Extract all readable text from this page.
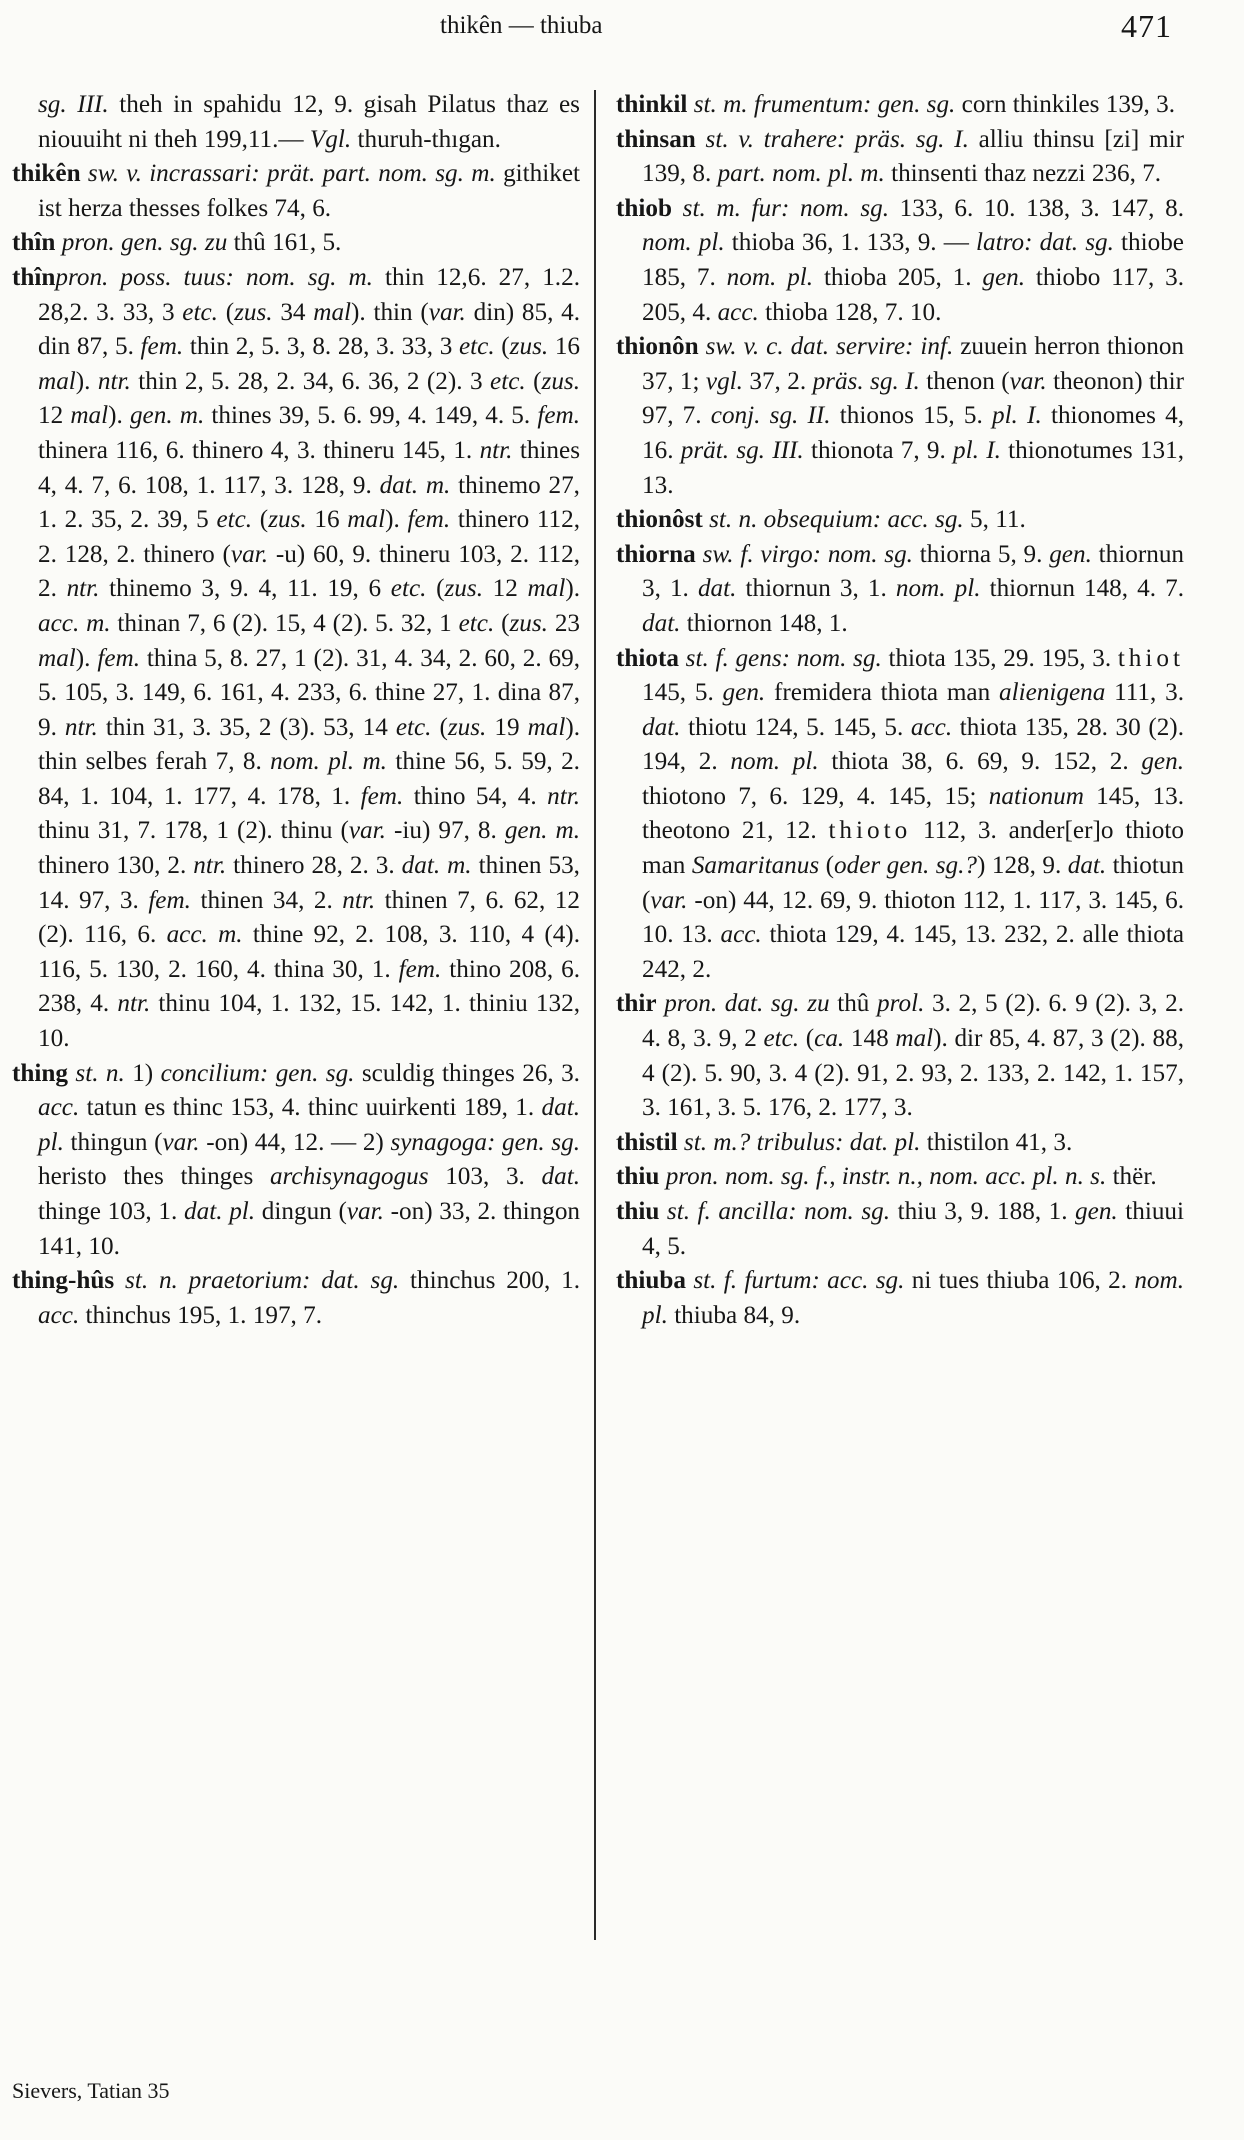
thikên — thiuba	471

sg. III. theh in spahidu 12, 9. gisah Pilatus thaz es niouuiht ni theh 199,11.— Vgl. thuruh-thıgan.

thikên sw. v. incrassari: prät. part. nom. sg. m. githiket ist herza thesses folkes 74, 6.

thîn pron. gen. sg. zu thû 161, 5.

thînpron. poss. tuus: nom. sg. m. thin 12,6. 27, 1.2. 28,2. 3. 33, 3 etc. (zus. 34 mal). thin (var. din) 85, 4. din 87, 5. fem. thin 2, 5. 3, 8. 28, 3. 33, 3 etc. (zus. 16 mal). ntr. thin 2, 5. 28, 2. 34, 6. 36, 2 (2). 3 etc. (zus. 12 mal). gen. m. thines 39, 5. 6. 99, 4. 149, 4. 5. fem. thinera 116, 6. thinero 4, 3. thineru 145, 1. ntr. thines 4, 4. 7, 6. 108, 1. 117, 3. 128, 9. dat. m. thinemo 27, 1. 2. 35, 2. 39, 5 etc. (zus. 16 mal). fem. thinero 112, 2. 128, 2. thinero (var. -u) 60, 9. thineru 103, 2. 112, 2. ntr. thinemo 3, 9. 4, 11. 19, 6 etc. (zus. 12 mal). acc. m. thinan 7, 6 (2). 15, 4 (2). 5. 32, 1 etc. (zus. 23 mal). fem. thina 5, 8. 27, 1 (2). 31, 4. 34, 2. 60, 2. 69, 5. 105, 3. 149, 6. 161, 4. 233, 6. thine 27, 1. dina 87, 9. ntr. thin 31, 3. 35, 2 (3). 53, 14 etc. (zus. 19 mal). thin selbes ferah 7, 8. nom. pl. m. thine 56, 5. 59, 2. 84, 1. 104, 1. 177, 4. 178, 1. fem. thino 54, 4. ntr. thinu 31, 7. 178, 1 (2). thinu (var. -iu) 97, 8. gen. m. thinero 130, 2. ntr. thinero 28, 2. 3. dat. m. thinen 53, 14. 97, 3. fem. thinen 34, 2. ntr. thinen 7, 6. 62, 12 (2). 116, 6. acc. m. thine 92, 2. 108, 3. 110, 4 (4). 116, 5. 130, 2. 160, 4. thina 30, 1. fem. thino 208, 6. 238, 4. ntr. thinu 104, 1. 132, 15. 142, 1. thiniu 132, 10.

thing st. n. 1) concilium: gen. sg. sculdig thinges 26, 3. acc. tatun es thinc 153, 4. thinc uuirkenti 189, 1. dat. pl. thingun (var. -on) 44, 12. — 2) synagoga: gen. sg. heristo thes thinges archisynagogus 103, 3. dat. thinge 103, 1. dat. pl. dingun (var. -on) 33, 2. thingon 141, 10.

thing-hûs st. n. praetorium: dat. sg. thinchus 200, 1. acc. thinchus 195, 1. 197, 7.

thinkil st. m. frumentum: gen. sg. corn thinkiles 139, 3.

thinsan st. v. trahere: präs. sg. I. alliu thinsu [zi] mir 139, 8. part. nom. pl. m. thinsenti thaz nezzi 236, 7.

thiob st. m. fur: nom. sg. 133, 6. 10. 138, 3. 147, 8. nom. pl. thioba 36, 1. 133, 9. — latro: dat. sg. thiobe 185, 7. nom. pl. thioba 205, 1. gen. thiobo 117, 3. 205, 4. acc. thioba 128, 7. 10.

thionôn sw. v. c. dat. servire: inf. zuuein herron thionon 37, 1; vgl. 37, 2. präs. sg. I. thenon (var. theonon) thir 97, 7. conj. sg. II. thionos 15, 5. pl. I. thionomes 4, 16. prät. sg. III. thionota 7, 9. pl. I. thionotumes 131, 13.

thionôst st. n. obsequium: acc. sg. 5, 11.

thiorna sw. f. virgo: nom. sg. thiorna 5, 9. gen. thiornun 3, 1. dat. thiornun 3, 1. nom. pl. thiornun 148, 4. 7. dat. thiornon 148, 1.

thiota st. f. gens: nom. sg. thiota 135, 29. 195, 3. thiot 145, 5. gen. fremidera thiota man alienigena 111, 3. dat. thiotu 124, 5. 145, 5. acc. thiota 135, 28. 30 (2). 194, 2. nom. pl. thiota 38, 6. 69, 9. 152, 2. gen. thiotono 7, 6. 129, 4. 145, 15; nationum 145, 13. theotono 21, 12. thioto 112, 3. ander[er]o thioto man Samaritanus (oder gen. sg.?) 128, 9. dat. thiotun (var. -on) 44, 12. 69, 9. thioton 112, 1. 117, 3. 145, 6. 10. 13. acc. thiota 129, 4. 145, 13. 232, 2. alle thiota 242, 2.

thir pron. dat. sg. zu thû prol. 3. 2, 5 (2). 6. 9 (2). 3, 2. 4. 8, 3. 9, 2 etc. (ca. 148 mal). dir 85, 4. 87, 3 (2). 88, 4 (2). 5. 90, 3. 4 (2). 91, 2. 93, 2. 133, 2. 142, 1. 157, 3. 161, 3. 5. 176, 2. 177, 3.

thistil st. m.? tribulus: dat. pl. thistilon 41, 3.

thiu pron. nom. sg. f., instr. n., nom. acc. pl. n. s. thër.

thiu st. f. ancilla: nom. sg. thiu 3, 9. 188, 1. gen. thiuui 4, 5.

thiuba st. f. furtum: acc. sg. ni tues thiuba 106, 2. nom. pl. thiuba 84, 9.

Sievers, Tatian 35
